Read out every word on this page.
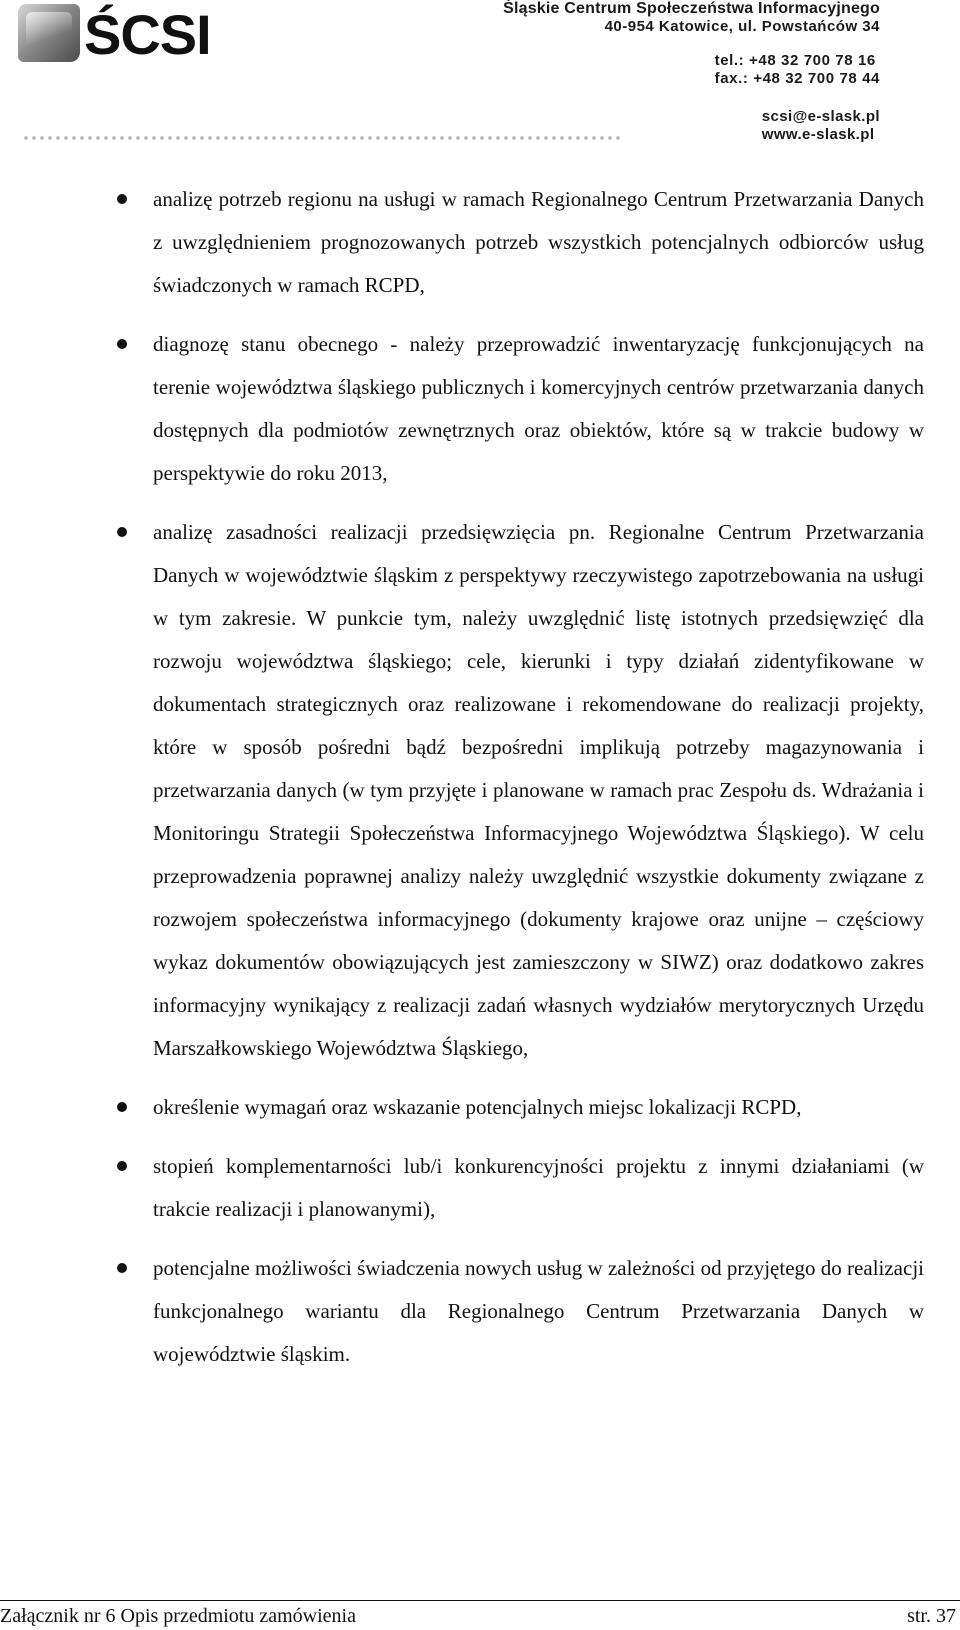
ŚCSI	Śląskie Centrum Społeczeństwa Informacyjnego
40-954 Katowice, ul. Powstańców 34
tel.: +48 32 700 78 16
fax.: +48 32 700 78 44
scsi@e-slask.pl
www.e-slask.pl
analizę potrzeb regionu na usługi w ramach Regionalnego Centrum Przetwarzania Danych z uwzględnieniem prognozowanych potrzeb wszystkich potencjalnych odbiorców usług świadczonych w ramach RCPD,
diagnozę stanu obecnego - należy przeprowadzić inwentaryzację funkcjonujących na terenie województwa śląskiego publicznych i komercyjnych centrów przetwarzania danych dostępnych dla podmiotów zewnętrznych oraz obiektów, które są w trakcie budowy w perspektywie do roku 2013,
analizę zasadności realizacji przedsięwzięcia pn. Regionalne Centrum Przetwarzania Danych w województwie śląskim z perspektywy rzeczywistego zapotrzebowania na usługi w tym zakresie. W punkcie tym, należy uwzględnić listę istotnych przedsięwzięć dla rozwoju województwa śląskiego; cele, kierunki i typy działań zidentyfikowane w dokumentach strategicznych oraz realizowane i rekomendowane do realizacji projekty, które w sposób pośredni bądź bezpośredni implikują potrzeby magazynowania i przetwarzania danych (w tym przyjęte i planowane w ramach prac Zespołu ds. Wdrażania i Monitoringu Strategii Społeczeństwa Informacyjnego Województwa Śląskiego). W celu przeprowadzenia poprawnej analizy należy uwzględnić wszystkie dokumenty związane z rozwojem społeczeństwa informacyjnego (dokumenty krajowe oraz unijne – częściowy wykaz dokumentów obowiązujących jest zamieszczony w SIWZ) oraz dodatkowo zakres informacyjny wynikający z realizacji zadań własnych wydziałów merytorycznych Urzędu Marszałkowskiego Województwa Śląskiego,
określenie wymagań oraz wskazanie potencjalnych miejsc lokalizacji RCPD,
stopień komplementarności lub/i konkurencyjności projektu z innymi działaniami (w trakcie realizacji i planowanymi),
potencjalne możliwości świadczenia nowych usług w zależności od przyjętego do realizacji funkcjonalnego wariantu dla Regionalnego Centrum Przetwarzania Danych w województwie śląskim.
Załącznik nr 6 Opis przedmiotu zamówienia	str. 37
